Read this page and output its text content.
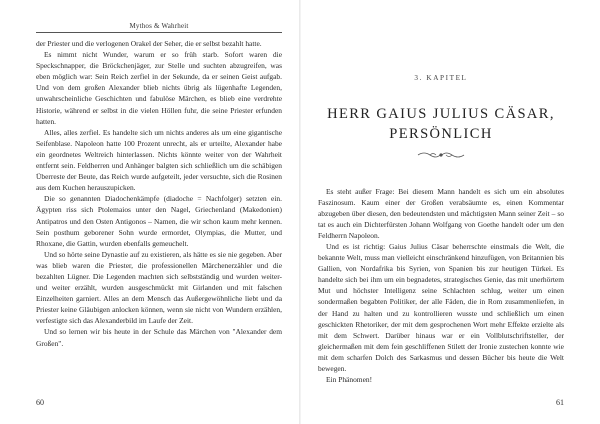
Mythos & Wahrheit

der Priester und die verlogenen Orakel der Seher, die er selbst bezahlt hatte.

Es nimmt nicht Wunder, warum er so früh starb. Sofort waren die Speckschnapper, die Bröckchenjäger, zur Stelle und suchten abzugreifen, was eben möglich war: Sein Reich zerfiel in der Sekunde, da er seinen Geist aufgab. Und von dem großen Alexander blieb nichts übrig als lügenhafte Legenden, unwahrscheinliche Geschichten und fabulöse Märchen, es blieb eine verdrehte Historie, während er selbst in die vielen Höllen fuhr, die seine Priester erfunden hatten.

Alles, alles zerfiel. Es handelte sich um nichts anderes als um eine gigantische Seifenblase. Napoleon hatte 100 Prozent unrecht, als er urteilte, Alexander habe ein geordnetes Weltreich hinterlassen. Nichts könnte weiter von der Wahrheit entfernt sein. Feldherren und Anhänger balgten sich schließlich um die schäbigen Überreste der Beute, das Reich wurde aufgeteilt, jeder versuchte, sich die Rosinen aus dem Kuchen herauszupicken.

Die so genannten Diadochenkämpfe (diadoche = Nachfolger) setzten ein. Ägypten riss sich Ptolemaios unter den Nagel, Griechenland (Makedonien) Antipatros und den Osten Antigonos – Namen, die wir schon kaum mehr kennen. Sein posthum geborener Sohn wurde ermordet, Olympias, die Mutter, und Rhoxane, die Gattin, wurden ebenfalls gemeuchelt.

Und so hörte seine Dynastie auf zu existieren, als hätte es sie nie gegeben. Aber was blieb waren die Priester, die professionellen Märchenerzähler und die bezahlten Lügner. Die Legenden machten sich selbstständig und wurden weiter- und weiter erzählt, wurden ausgeschmückt mit Girlanden und mit falschen Einzelheiten garniert. Alles an dem Mensch das Außergewöhnliche liebt und da Priester keine Gläubigen anlocken können, wenn sie nicht von Wundern erzählen, verfestigte sich das Alexanderbild im Laufe der Zeit.

Und so lernen wir bis heute in der Schule das Märchen von "Alexander dem Großen".

60
3. KAPITEL
HERR GAIUS JULIUS CÄSAR,
PERSÖNLICH

Es steht außer Frage: Bei diesem Mann handelt es sich um ein absolutes Faszinosum. Kaum einer der Großen verabsäumte es, einen Kommentar abzugeben über diesen, den bedeutendsten und mächtigsten Mann seiner Zeit – so tat es auch ein Dichterfürsten Johann Wolfgang von Goethe handelt oder um den Feldherrn Napoleon.

Und es ist richtig: Gaius Julius Cäsar beherrschte einstmals die Welt, die bekannte Welt, muss man vielleicht einschränkend hinzufügen, von Britannien bis Gallien, von Nordafrika bis Syrien, von Spanien bis zur heutigen Türkei. Es handelte sich bei ihm um ein begnadetes, strategisches Genie, das mit unerhörtem Mut und höchster Intelligenz seine Schlachten schlug, weiter um einen sondermaßen begabten Politiker, der alle Fäden, die in Rom zusammenliefen, in der Hand zu halten und zu kontrollieren wusste und schließlich um einen geschickten Rhetoriker, der mit dem gesprochenen Wort mehr Effekte erzielte als mit dem Schwert. Darüber hinaus war er ein Vollblutschriftsteller, der gleichermaßen mit dem fein geschliffenen Stilett der Ironie zustechen konnte wie mit dem scharfen Dolch des Sarkasmus und dessen Bücher bis heute die Welt bewegen.

Ein Phänomen!

61
